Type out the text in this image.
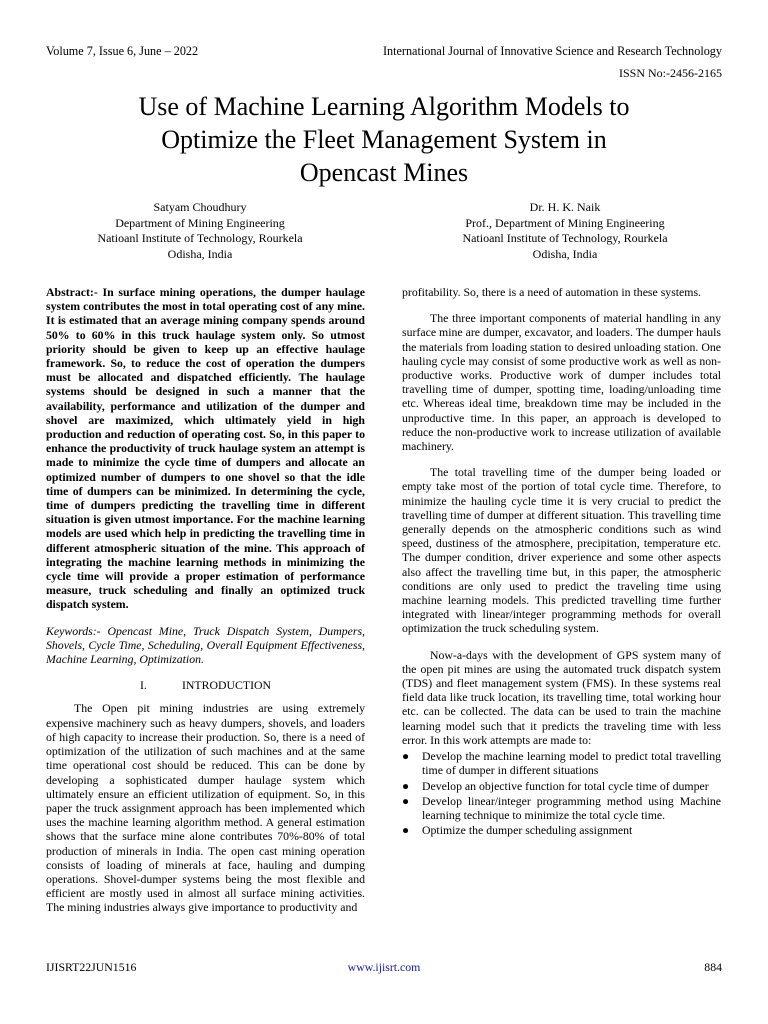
Volume 7, Issue 6, June – 2022	International Journal of Innovative Science and Research Technology
ISSN No:-2456-2165
Use of Machine Learning Algorithm Models to
Optimize the Fleet Management System in
Opencast Mines
Satyam Choudhury
Department of Mining Engineering
Natioanl Institute of Technology, Rourkela
Odisha, India
Dr. H. K. Naik
Prof., Department of Mining Engineering
Natioanl Institute of Technology, Rourkela
Odisha, India

Abstract:- In surface mining operations, the dumper haulage system contributes the most in total operating cost of any mine. It is estimated that an average mining company spends around 50% to 60% in this truck haulage system only. So utmost priority should be given to keep up an effective haulage framework. So, to reduce the cost of operation the dumpers must be allocated and dispatched efficiently. The haulage systems should be designed in such a manner that the availability, performance and utilization of the dumper and shovel are maximized, which ultimately yield in high production and reduction of operating cost. So, in this paper to enhance the productivity of truck haulage system an attempt is made to minimize the cycle time of dumpers and allocate an optimized number of dumpers to one shovel so that the idle time of dumpers can be minimized. In determining the cycle, time of dumpers predicting the travelling time in different situation is given utmost importance. For the machine learning models are used which help in predicting the travelling time in different atmospheric situation of the mine. This approach of integrating the machine learning methods in minimizing the cycle time will provide a proper estimation of performance measure, truck scheduling and finally an optimized truck dispatch system.

Keywords:- Opencast Mine, Truck Dispatch System, Dumpers, Shovels, Cycle Time, Scheduling, Overall Equipment Effectiveness, Machine Learning, Optimization.

I.	INTRODUCTION

The Open pit mining industries are using extremely expensive machinery such as heavy dumpers, shovels, and loaders of high capacity to increase their production. So, there is a need of optimization of the utilization of such machines and at the same time operational cost should be reduced. This can be done by developing a sophisticated dumper haulage system which ultimately ensure an efficient utilization of equipment. So, in this paper the truck assignment approach has been implemented which uses the machine learning algorithm method. A general estimation shows that the surface mine alone contributes 70%-80% of total production of minerals in India. The open cast mining operation consists of loading of minerals at face, hauling and dumping operations. Shovel-dumper systems being the most flexible and efficient are mostly used in almost all surface mining activities. The mining industries always give importance to productivity and

profitability. So, there is a need of automation in these systems.

The three important components of material handling in any surface mine are dumper, excavator, and loaders. The dumper hauls the materials from loading station to desired unloading station. One hauling cycle may consist of some productive work as well as non-productive works. Productive work of dumper includes total travelling time of dumper, spotting time, loading/unloading time etc. Whereas ideal time, breakdown time may be included in the unproductive time. In this paper, an approach is developed to reduce the non-productive work to increase utilization of available machinery.

The total travelling time of the dumper being loaded or empty take most of the portion of total cycle time. Therefore, to minimize the hauling cycle time it is very crucial to predict the travelling time of dumper at different situation. This travelling time generally depends on the atmospheric conditions such as wind speed, dustiness of the atmosphere, precipitation, temperature etc. The dumper condition, driver experience and some other aspects also affect the travelling time but, in this paper, the atmospheric conditions are only used to predict the traveling time using machine learning models. This predicted travelling time further integrated with linear/integer programming methods for overall optimization the truck scheduling system.

Now-a-days with the development of GPS system many of the open pit mines are using the automated truck dispatch system (TDS) and fleet management system (FMS). In these systems real field data like truck location, its travelling time, total working hour etc. can be collected. The data can be used to train the machine learning model such that it predicts the traveling time with less error. In this work attempts are made to:

● Develop the machine learning model to predict total travelling time of dumper in different situations
● Develop an objective function for total cycle time of dumper
● Develop linear/integer programming method using Machine learning technique to minimize the total cycle time.
● Optimize the dumper scheduling assignment
IJISRT22JUN1516	www.ijisrt.com	884
